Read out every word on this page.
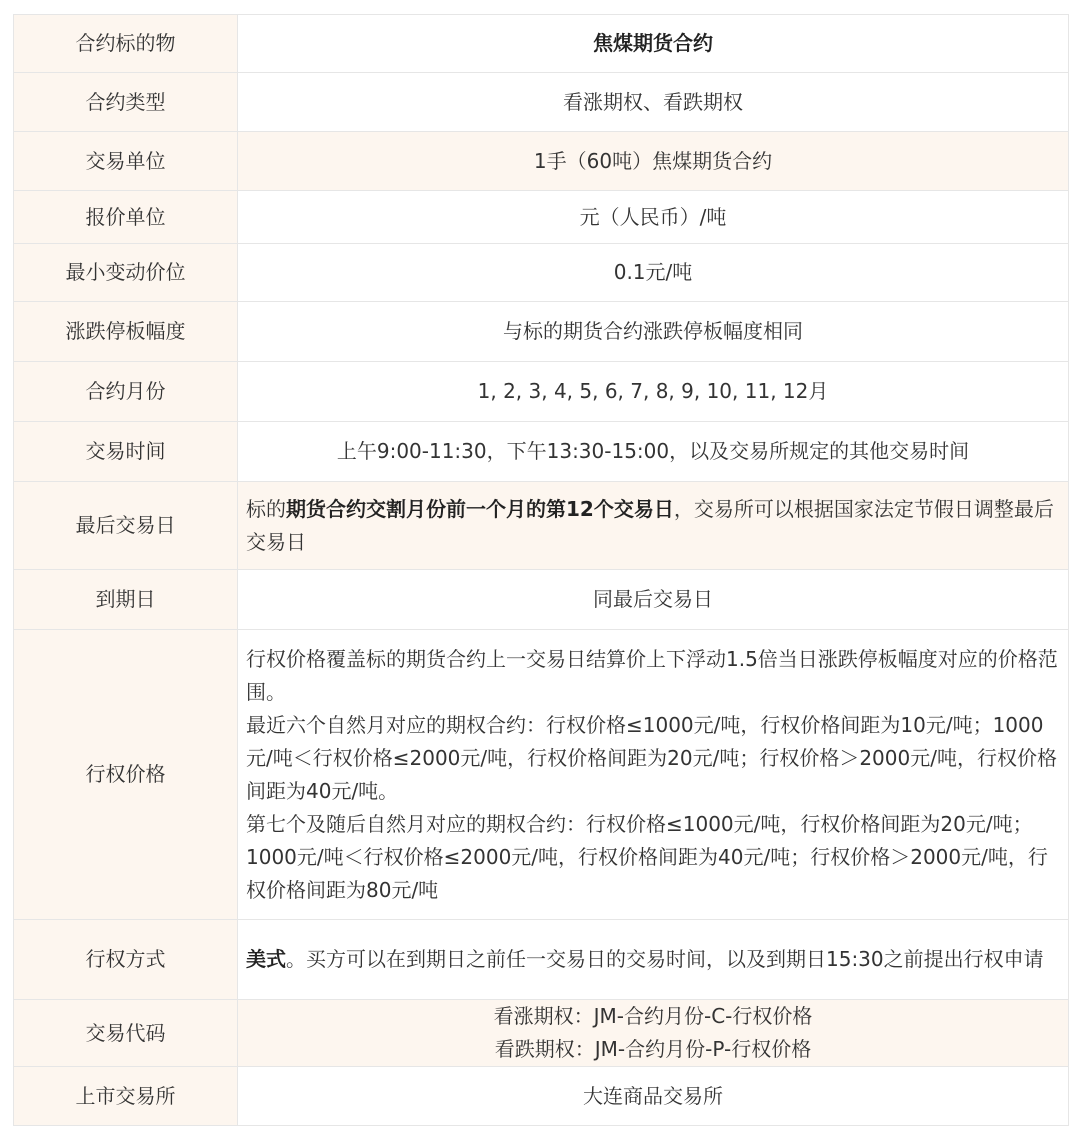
合约标的物	焦煤期货合约
合约类型	看涨期权、看跌期权
交易单位	1手（60吨）焦煤期货合约
报价单位	元（人民币）/吨
最小变动价位	0.1元/吨
涨跌停板幅度	与标的期货合约涨跌停板幅度相同
合约月份	1, 2, 3, 4, 5, 6, 7, 8, 9, 10, 11, 12月
交易时间	上午9:00-11:30，下午13:30-15:00，以及交易所规定的其他交易时间
最后交易日	标的期货合约交割月份前一个月的第12个交易日，交易所可以根据国家法定节假日调整最后交易日
到期日	同最后交易日
行权价格	行权价格覆盖标的期货合约上一交易日结算价上下浮动1.5倍当日涨跌停板幅度对应的价格范围。
最近六个自然月对应的期权合约：行权价格≤1000元/吨，行权价格间距为10元/吨；1000元/吨＜行权价格≤2000元/吨，行权价格间距为20元/吨；行权价格＞2000元/吨，行权价格间距为40元/吨。
第七个及随后自然月对应的期权合约：行权价格≤1000元/吨，行权价格间距为20元/吨；1000元/吨＜行权价格≤2000元/吨，行权价格间距为40元/吨；行权价格＞2000元/吨，行权价格间距为80元/吨

行权方式	美式。买方可以在到期日之前任一交易日的交易时间，以及到期日15:30之前提出行权申请
交易代码	看涨期权：JM-合约月份-C-行权价格
看跌期权：JM-合约月份-P-行权价格

上市交易所	大连商品交易所
